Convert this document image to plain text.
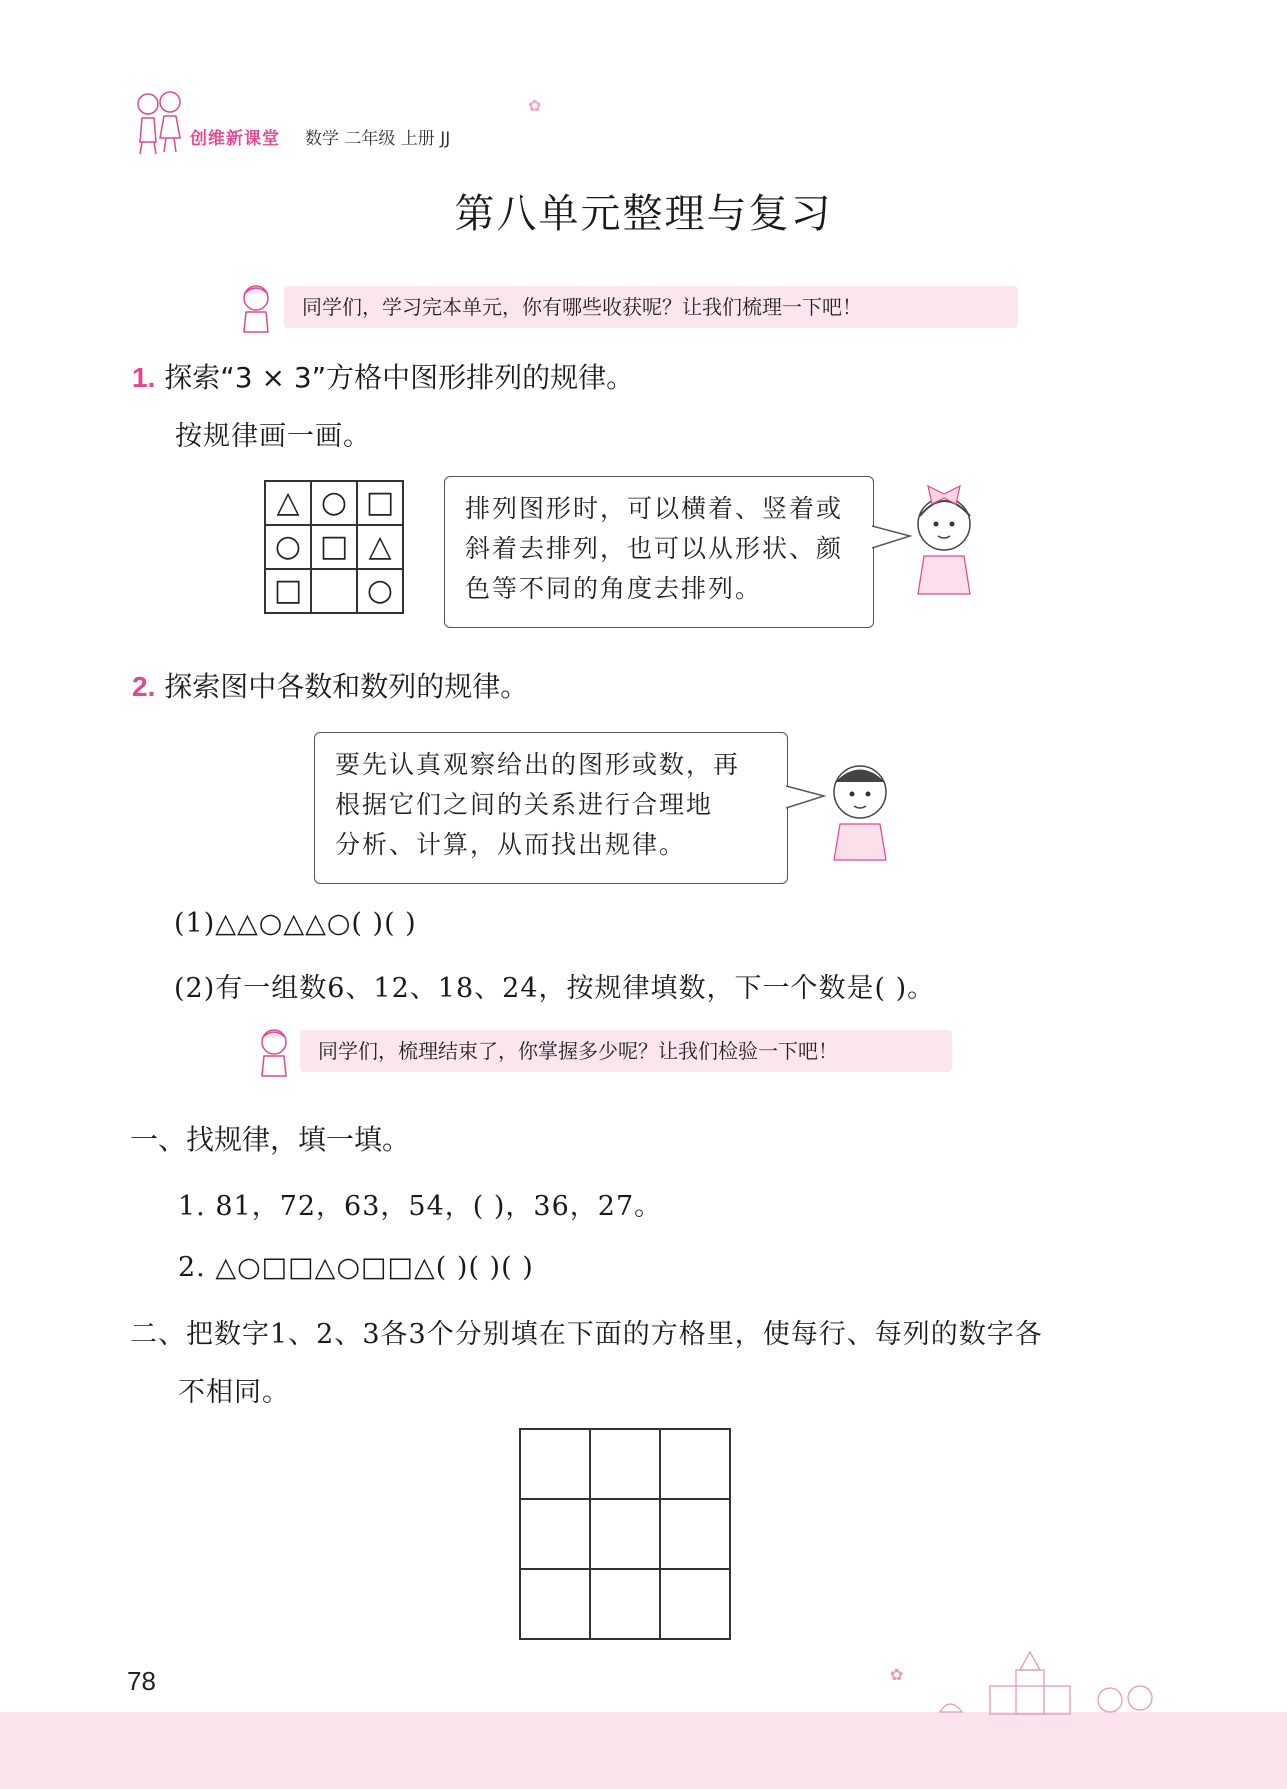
创维新课堂 数学 二年级 上册 JJ
✿
第八单元整理与复习
同学们，学习完本单元，你有哪些收获呢？让我们梳理一下吧！
1. 探索“3 × 3”方格中图形排列的规律。
按规律画一画。
△	○	□
○	□	△
□		○
排列图形时，可以横着、竖着或
斜着去排列，也可以从形状、颜
色等不同的角度去排列。
2. 探索图中各数和数列的规律。
要先认真观察给出的图形或数，再
根据它们之间的关系进行合理地
分析、计算，从而找出规律。
(1)△△○△△○( )( )
(2)有一组数6、12、18、24，按规律填数，下一个数是( )。
同学们，梳理结束了，你掌握多少呢？让我们检验一下吧！
一、找规律，填一填。
1. 81，72，63，54，( )，36，27。
2. △○□□△○□□△( )( )( )
二、把数字1、2、3各3个分别填在下面的方格里，使每行、每列的数字各
不相同。

78	✿
